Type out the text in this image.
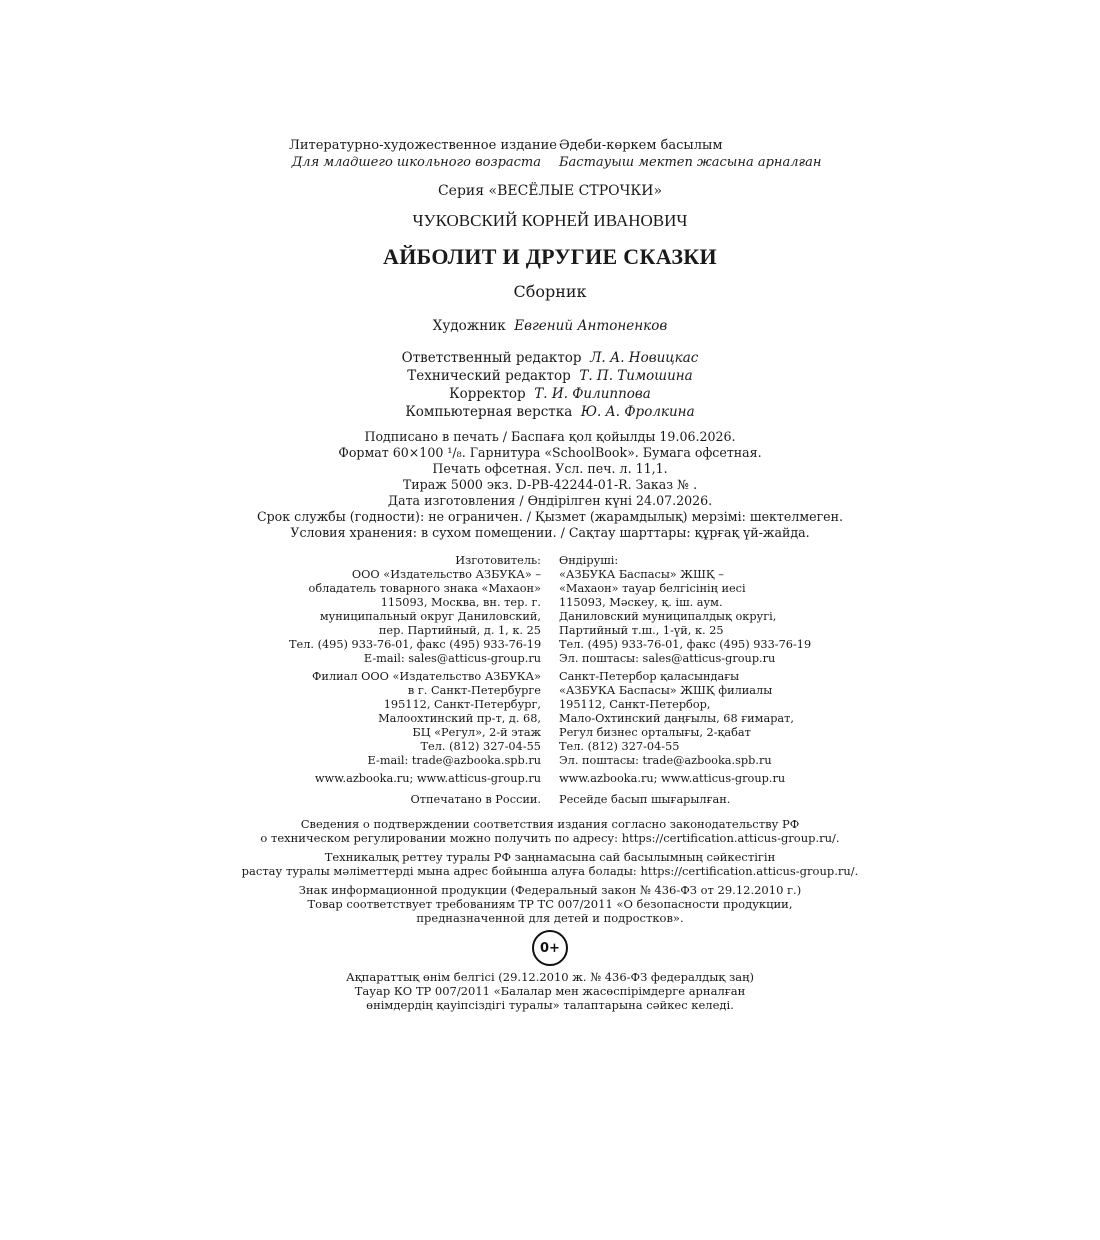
Литературно-художественное издание
Для младшего школьного возраста
Әдеби-көркем басылым
Бастауыш мектеп жасына арналған
Серия «ВЕСЁЛЫЕ СТРОЧКИ»
ЧУКОВСКИЙ КОРНЕЙ ИВАНОВИЧ
АЙБОЛИТ И ДРУГИЕ СКАЗКИ
Сборник
Художник Евгений Антоненков
Ответственный редактор Л. А. Новицкас
Технический редактор Т. П. Тимошина
Корректор Т. И. Филиппова
Компьютерная верстка Ю. А. Фролкина
Подписано в печать / Баспаға қол қойылды 19.06.2026.
Формат 60×100 ¹/₈. Гарнитура «SchoolBook». Бумага офсетная.
Печать офсетная. Усл. печ. л. 11,1.
Тираж 5000 экз. D-PB-42244-01-R. Заказ № .
Дата изготовления / Өндірілген күні 24.07.2026.
Срок службы (годности): не ограничен. / Қызмет (жарамдылық) мерзімі: шектелмеген.
Условия хранения: в сухом помещении. / Сақтау шарттары: құрғақ үй-жайда.
Изготовитель:
ООО «Издательство АЗБУКА» –
обладатель товарного знака «Махаон»
115093, Москва, вн. тер. г.
муниципальный округ Даниловский,
пер. Партийный, д. 1, к. 25
Тел. (495) 933-76-01, факс (495) 933-76-19
E-mail: sales@atticus-group.ru
Өндіруші:
«АЗБУКА Баспасы» ЖШҚ –
«Махаон» тауар белгісінің иесі
115093, Мәскеу, қ. іш. аум.
Даниловский муниципалдық округі,
Партийный т.ш., 1-үй, к. 25
Тел. (495) 933-76-01, факс (495) 933-76-19
Эл. поштасы: sales@atticus-group.ru
Филиал ООО «Издательство АЗБУКА»
в г. Санкт-Петербурге
195112, Санкт-Петербург,
Малоохтинский пр-т, д. 68,
БЦ «Регул», 2-й этаж
Тел. (812) 327-04-55
E-mail: trade@azbooka.spb.ru
Санкт-Петербор қаласындағы
«АЗБУКА Баспасы» ЖШҚ филиалы
195112, Санкт-Петербор,
Мало-Охтинский даңғылы, 68 ғимарат,
Регул бизнес орталығы, 2-қабат
Тел. (812) 327-04-55
Эл. поштасы: trade@azbooka.spb.ru
www.azbooka.ru; www.atticus-group.ru www.azbooka.ru; www.atticus-group.ru
Отпечатано в России. Ресейде басып шығарылған.
Сведения о подтверждении соответствия издания согласно законодательству РФ
о техническом регулировании можно получить по адресу: https://certification.atticus-group.ru/.
Техникалық реттеу туралы РФ заңнамасына сай басылымның сәйкестігін
растау туралы мәліметтерді мына адрес бойынша алуға болады: https://certification.atticus-group.ru/.
Знак информационной продукции (Федеральный закон № 436-ФЗ от 29.12.2010 г.)
Товар соответствует требованиям ТР ТС 007/2011 «О безопасности продукции,
предназначенной для детей и подростков».
0+
Ақпараттық өнім белгісі (29.12.2010 ж. № 436-ФЗ федералдық заң)
Тауар КО ТР 007/2011 «Балалар мен жасөспірімдерге арналған
өнімдердің қауіпсіздігі туралы» талаптарына сәйкес келеді.
